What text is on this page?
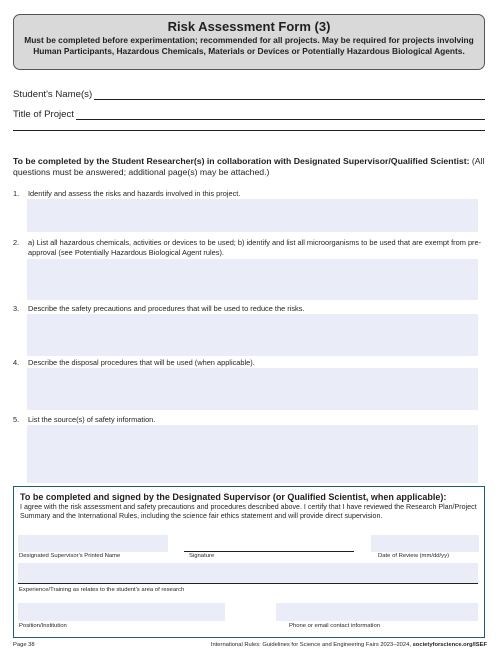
Risk Assessment Form (3)
Must be completed before experimentation; recommended for all projects. May be required for projects involving Human Participants, Hazardous Chemicals, Materials or Devices or Potentially Hazardous Biological Agents.
Student's Name(s)
Title of Project
To be completed by the Student Researcher(s) in collaboration with Designated Supervisor/Qualified Scientist: (All questions must be answered; additional page(s) may be attached.)
1.	Identify and assess the risks and hazards involved in this project.
2.	a) List all hazardous chemicals, activities or devices to be used; b) identify and list all microorganisms to be used that are exempt from pre-approval (see Potentially Hazardous Biological Agent rules).
3.	Describe the safety precautions and procedures that will be used to reduce the risks.
4.	Describe the disposal procedures that will be used (when applicable).
5.	List the source(s) of safety information.
To be completed and signed by the Designated Supervisor (or Qualified Scientist, when applicable):
I agree with the risk assessment and safety precautions and procedures described above. I certify that I have reviewed the Research Plan/Project Summary and the International Rules, including the science fair ethics statement and will provide direct supervision.
Designated Supervisor's Printed Name	Signature	Date of Review (mm/dd/yy)
Experience/Training as relates to the student's area of research
Position/Institution	Phone or email contact information
Page 38	International Rules: Guidelines for Science and Engineering Fairs 2023–2024, societyforscience.org/ISEF
